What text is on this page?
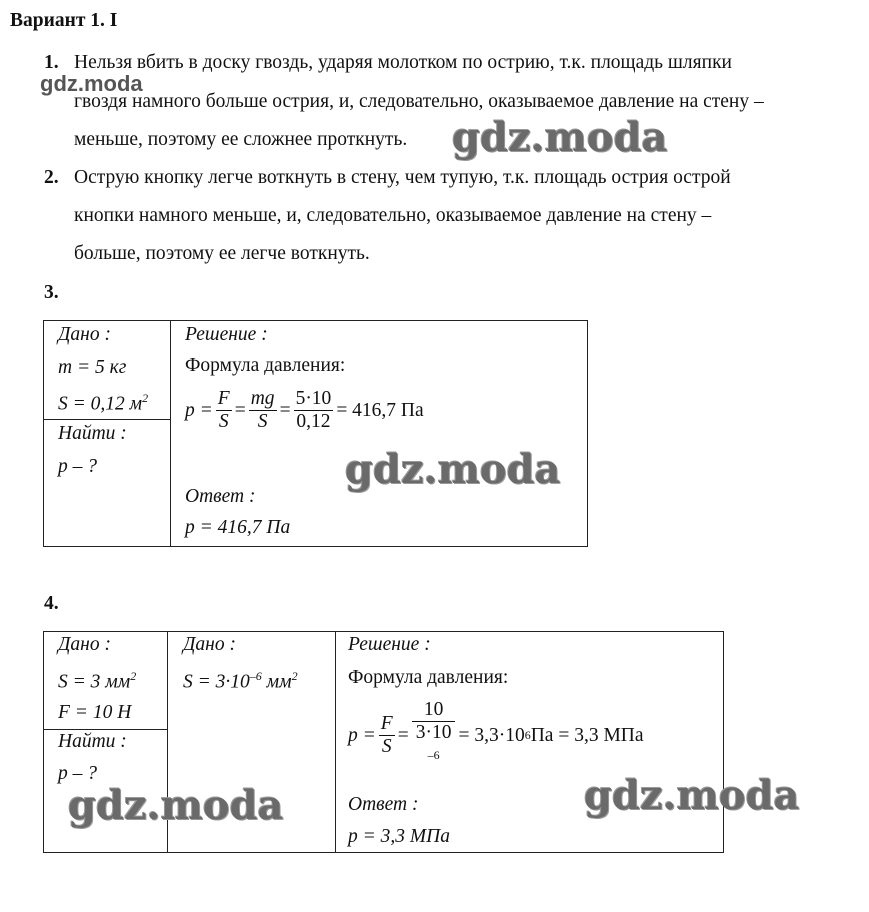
Вариант 1. I
1. Нельзя вбить в доску гвоздь, ударяя молотком по острию, т.к. площадь шляпки
гвоздя намного больше острия, и, следовательно, оказываемое давление на стену –
меньше, поэтому ее сложнее проткнуть.
gdz.moda
gdz.moda
2. Острую кнопку легче воткнуть в стену, чем тупую, т.к. площадь острия острой
кнопки намного меньше, и, следовательно, оказываемое давление на стену –
больше, поэтому ее легче воткнуть.
3.
Дано :
m = 5 кг
S = 0,12 $м^2$
Найти :
p – ?
Решение :
Формула давления:
$p = \frac{F}{S} = \frac{mg}{S} = \frac{5\cdot 10}{0,12} = 416,7$ Па
gdz.moda
Ответ :
p = 416,7 Па
4.
Дано :
S = 3 $мм^2$
F = 10 Н
Найти :
p – ?
Дано :
$S = 3\cdot 10^{-6}$ $мм^2$
Решение :
Формула давления:
$p = \frac{F}{S} = 10$
3·10
$^{-6}$ = 3,3·10 6 Па = 3,3 МПа
gdz.moda	gdz.moda
Ответ :
p = 3,3 МПа
